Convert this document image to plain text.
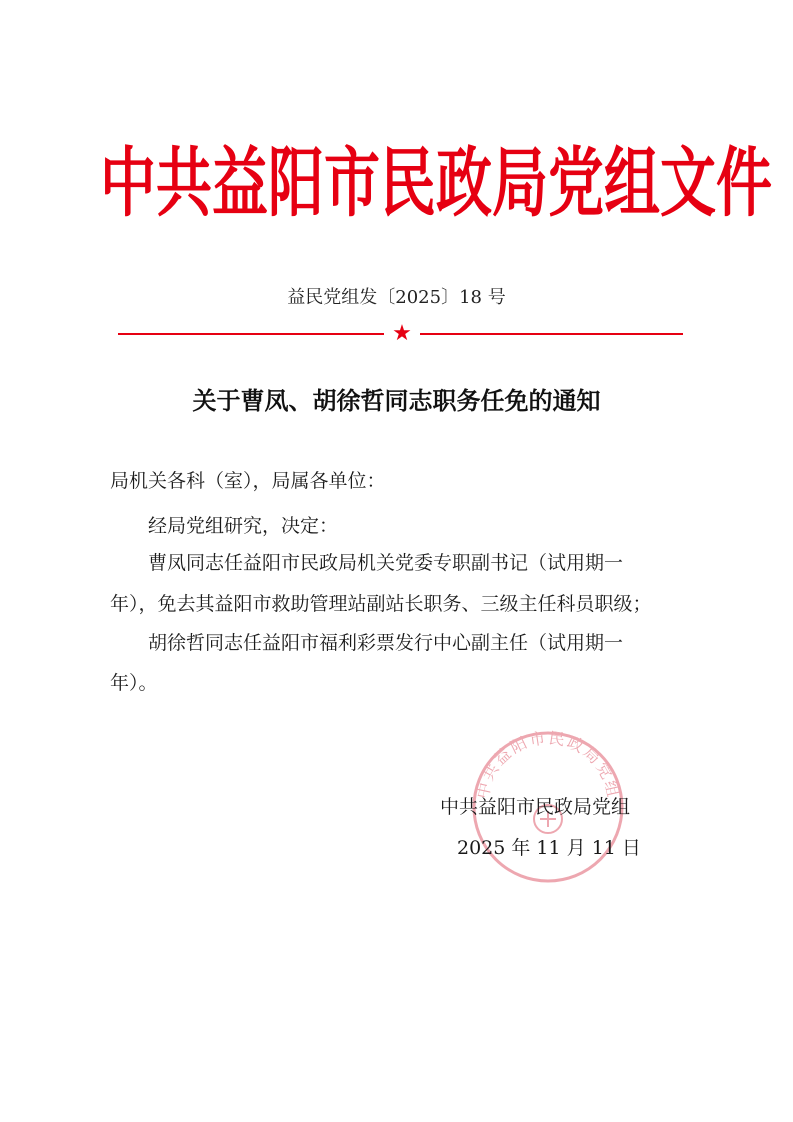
中共益阳市民政局党组文件
益民党组发〔2025〕18 号
★
关于曹凤、胡徐哲同志职务任免的通知
局机关各科（室），局属各单位：
经局党组研究，决定：
曹凤同志任益阳市民政局机关党委专职副书记（试用期一
年），免去其益阳市救助管理站副站长职务、三级主任科员职级；
胡徐哲同志任益阳市福利彩票发行中心副主任（试用期一
年）。
中共益阳市民政局党组
中共益阳市民政局党组
2025 年 11 月 11 日
